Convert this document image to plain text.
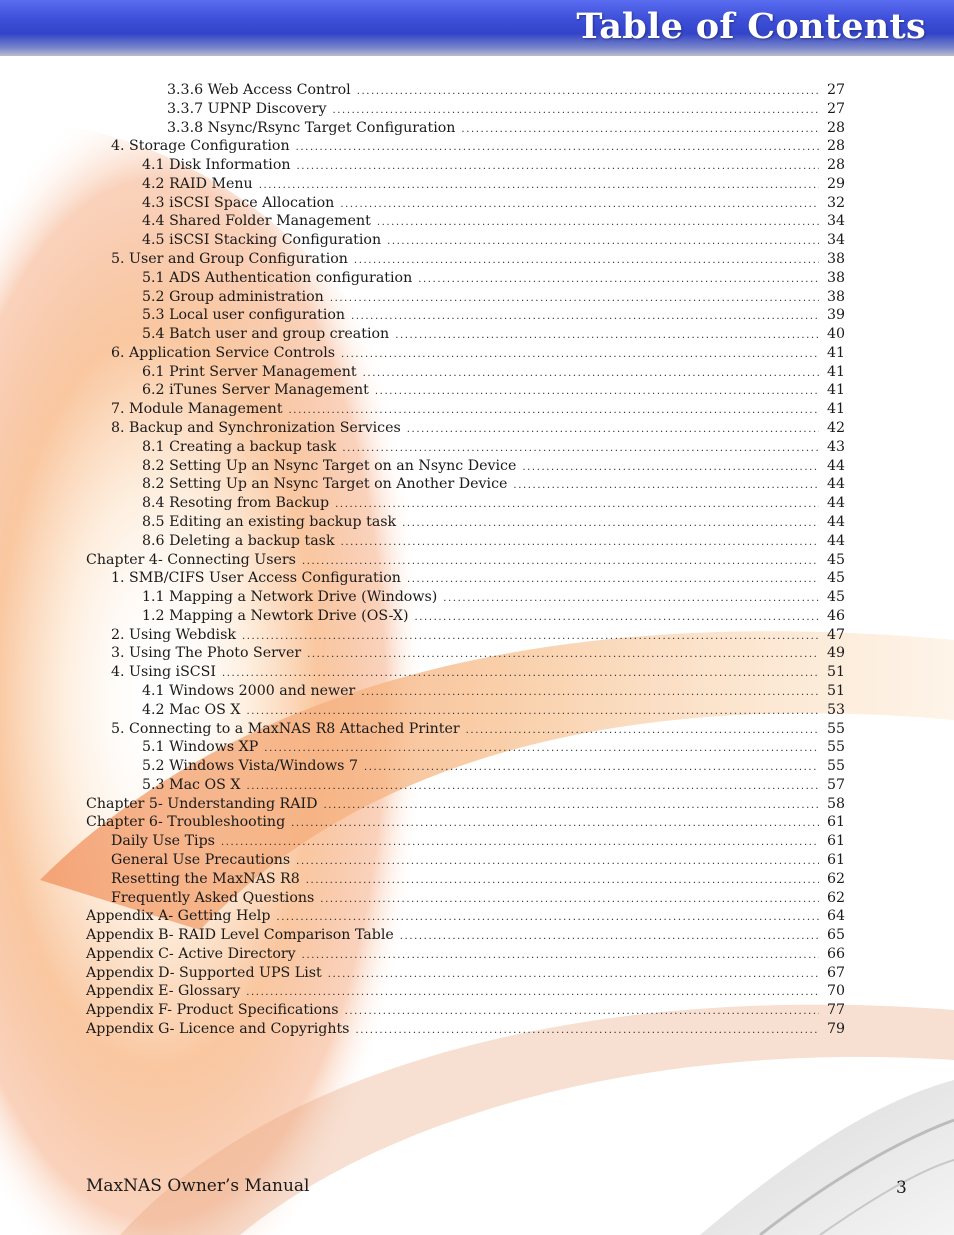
Table of Contents
3.3.6 Web Access Control .....	27
3.3.7 UPNP Discovery .....	27
3.3.8 Nsync/Rsync Target Configuration .....	28
4. Storage Configuration .....	28
4.1 Disk Information .....	28
4.2 RAID Menu .....	29
4.3 iSCSI Space Allocation .....	32
4.4 Shared Folder Management .....	34
4.5 iSCSI Stacking Configuration .....	34
5. User and Group Configuration .....	38
5.1 ADS Authentication configuration .....	38
5.2 Group administration .....	38
5.3 Local user configuration .....	39
5.4 Batch user and group creation .....	40
6. Application Service Controls .....	41
6.1 Print Server Management .....	41
6.2 iTunes Server Management .....	41
7. Module Management .....	41
8. Backup and Synchronization Services .....	42
8.1 Creating a backup task .....	43
8.2 Setting Up an Nsync Target on an Nsync Device .....	44
8.2 Setting Up an Nsync Target on Another Device .....	44
8.4 Resoting from Backup .....	44
8.5 Editing an existing backup task .....	44
8.6 Deleting a backup task .....	44
Chapter 4- Connecting Users .....	45
1. SMB/CIFS User Access Configuration .....	45
1.1 Mapping a Network Drive (Windows) .....	45
1.2 Mapping a Newtork Drive (OS-X) .....	46
2. Using Webdisk .....	47
3. Using The Photo Server .....	49
4. Using iSCSI .....	51
4.1 Windows 2000 and newer .....	51
4.2 Mac OS X .....	53
5. Connecting to a MaxNAS R8 Attached Printer .....	55
5.1 Windows XP .....	55
5.2 Windows Vista/Windows 7 .....	55
5.3 Mac OS X .....	57
Chapter 5- Understanding RAID .....	58
Chapter 6- Troubleshooting .....	61
Daily Use Tips .....	61
General Use Precautions .....	61
Resetting the MaxNAS R8 .....	62
Frequently Asked Questions .....	62
Appendix A- Getting Help .....	64
Appendix B- RAID Level Comparison Table .....	65
Appendix C- Active Directory .....	66
Appendix D- Supported UPS List .....	67
Appendix E- Glossary .....	70
Appendix F- Product Specifications .....	77
Appendix G- Licence and Copyrights .....	79
MaxNAS Owner’s Manual	3
